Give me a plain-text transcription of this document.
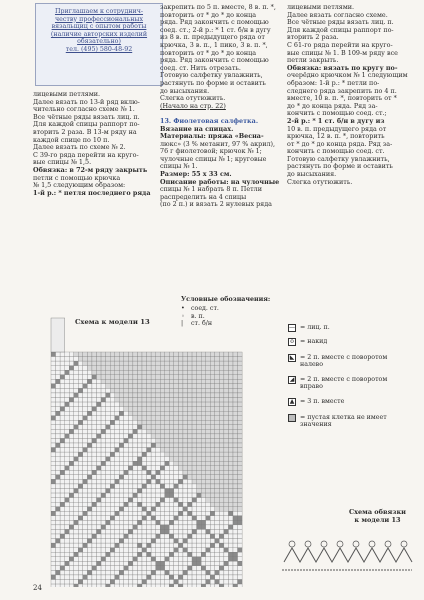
Приглашаем к сотруднич-
честву профессиональных
вязальщиц с опытом работы
(наличие авторских изделий
обязательно)
тел. (495) 580-48-92

лицевыми петлями.

Далее вязать по 13-й ряд вклю-

чительно согласно схеме № 1.

Все чётные ряды вязать лиц. п.

Для каждой спицы раппорт по-

вторить 2 раза. В 13-м ряду на

каждой спице по 10 п.

Далее вязать по схеме № 2.

С 39-го ряда перейти на круго-

вые спицы № 1,5.

Обвязка: в 72-м ряду закрыть

петли с помощью крючка

№ 1,5 следующим образом:

1-й р.: * петля последнего ряда

закрепить по 5 п. вместе, 8 в. п. *,

повторить от * до * до конца

ряда. Ряд закончить с помощью

соед. ст.; 2-й р.: * 1 ст. б/н в дугу

из 8 в. п. предыдущего ряда от

крючка, 3 в. п., 1 пико, 3 в. п. *,

повторить от * до * до конца

ряда. Ряд закончить с помощью

соед. ст. Нить отрезать.

Готовую салфетку увлажнить,

растянуть по форме и оставить

до высыхания.

Слегка отутюжить.

(Начало на стр. 22)

13. Фиолетовая салфетка.

Вязание на спицах.

Материалы: пряжа «Весна-

люкс» (3 % метанит, 97 % акрил),

76 г фиолетовой; крючок № 1;

чулочные спицы № 1; круговые

спицы № 1.

Размер: 55 x 33 см.

Описание работы: на чулочные

спицы № 1 набрать 8 п. Петли

распределить на 4 спицы

(по 2 п.) и вязать 2 нулевых ряда

лицевыми петлями.

Далее вязать согласно схеме.

Все чётные ряды вязать лиц. п.

Для каждой спицы раппорт по-

вторить 2 раза.

С 61-го ряда перейти на круго-

вые спицы № 1. В 109-м ряду все

петли закрыть.

Обвязка: вязать по кругу по-

очерёдно крючком № 1 следующим

образом: 1-й р.: * петли по-

следнего ряда закрепить по 4 п.

вместе, 10 в. п. *, повторить от *

до * до конца ряда. Ряд за-

кончить с помощью соед. ст.;

2-й р.: * 1 ст. б/н в дугу из

10 в. п. предыдущего ряда от

крючка, 12 в. п. *, повторить

от * до * до конца ряда. Ряд за-

кончить с помощью соед. ст.

Готовую салфетку увлажнить,

растянуть по форме и оставить

до высыхания.

Слегка отутюжить.

Схема к модели 13
Условные обозначения:
• соед. ст.
◦ в. п.
| ст. б/н
— = лиц. п.
o = накид
◣ = 2 п. вместе с поворотом налево
◢ = 2 п. вместе с поворотом вправо
▲ = 3 п. вместе
= пустая клетка не имеет значения
Схема обвязки
к модели 13
24
